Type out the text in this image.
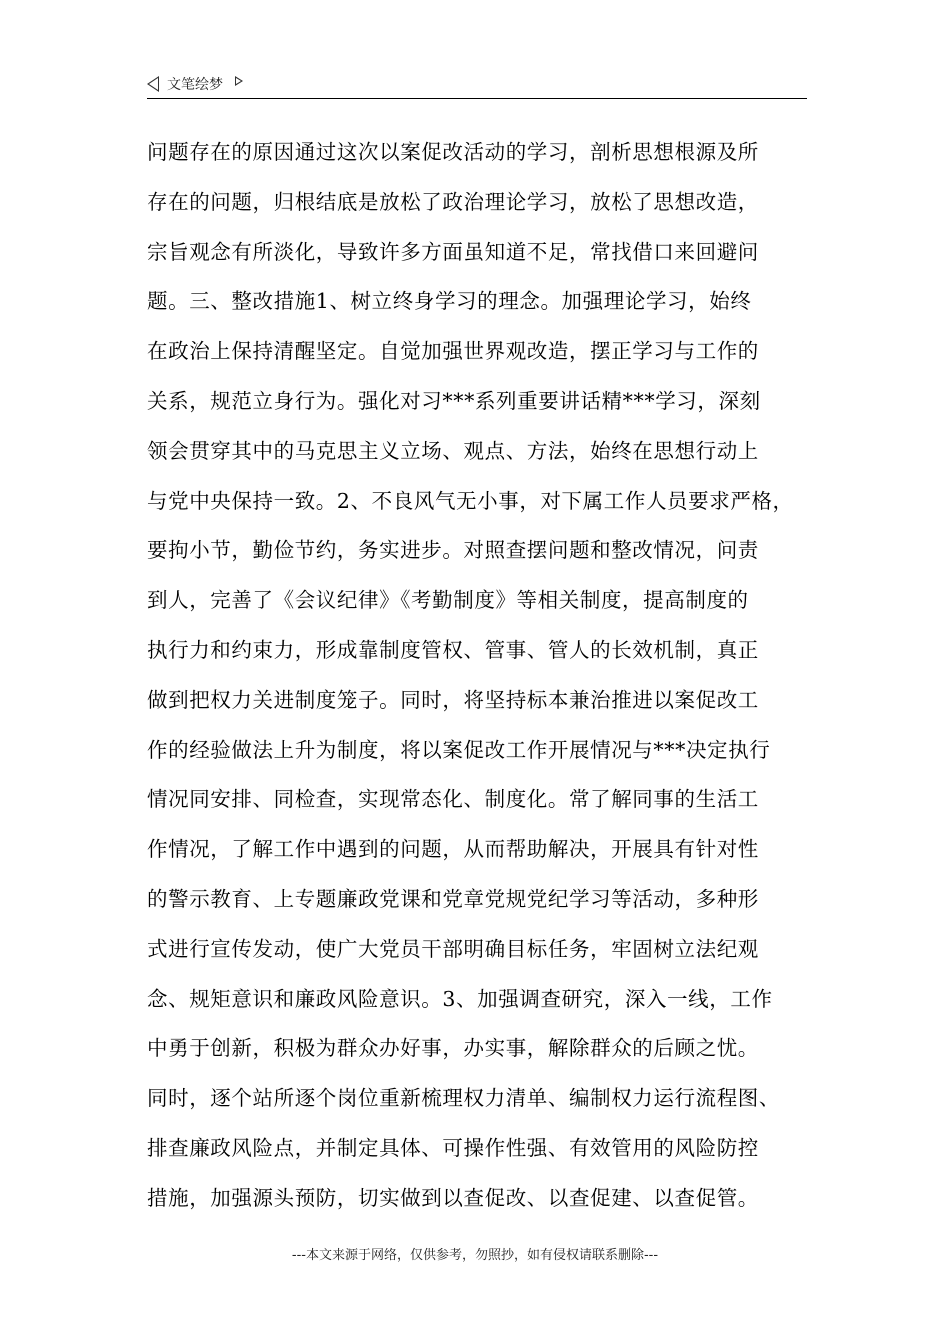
文笔绘梦
问题存在的原因通过这次以案促改活动的学习，剖析思想根源及所
存在的问题，归根结底是放松了政治理论学习，放松了思想改造，
宗旨观念有所淡化，导致许多方面虽知道不足，常找借口来回避问
题。三、整改措施1、树立终身学习的理念。加强理论学习，始终
在政治上保持清醒坚定。自觉加强世界观改造，摆正学习与工作的
关系，规范立身行为。强化对习***系列重要讲话精***学习，深刻
领会贯穿其中的马克思主义立场、观点、方法，始终在思想行动上
与党中央保持一致。2、不良风气无小事，对下属工作人员要求严格，
要拘小节，勤俭节约，务实进步。对照查摆问题和整改情况，问责
到人，完善了《会议纪律》《考勤制度》等相关制度，提高制度的
执行力和约束力，形成靠制度管权、管事、管人的长效机制，真正
做到把权力关进制度笼子。同时，将坚持标本兼治推进以案促改工
作的经验做法上升为制度，将以案促改工作开展情况与***决定执行
情况同安排、同检查，实现常态化、制度化。常了解同事的生活工
作情况，了解工作中遇到的问题，从而帮助解决，开展具有针对性
的警示教育、上专题廉政党课和党章党规党纪学习等活动，多种形
式进行宣传发动，使广大党员干部明确目标任务，牢固树立法纪观
念、规矩意识和廉政风险意识。3、加强调查研究，深入一线，工作
中勇于创新，积极为群众办好事，办实事，解除群众的后顾之忧。
同时，逐个站所逐个岗位重新梳理权力清单、编制权力运行流程图、
排查廉政风险点，并制定具体、可操作性强、有效管用的风险防控
措施，加强源头预防，切实做到以查促改、以查促建、以查促管。
---本文来源于网络，仅供参考，勿照抄，如有侵权请联系删除---
